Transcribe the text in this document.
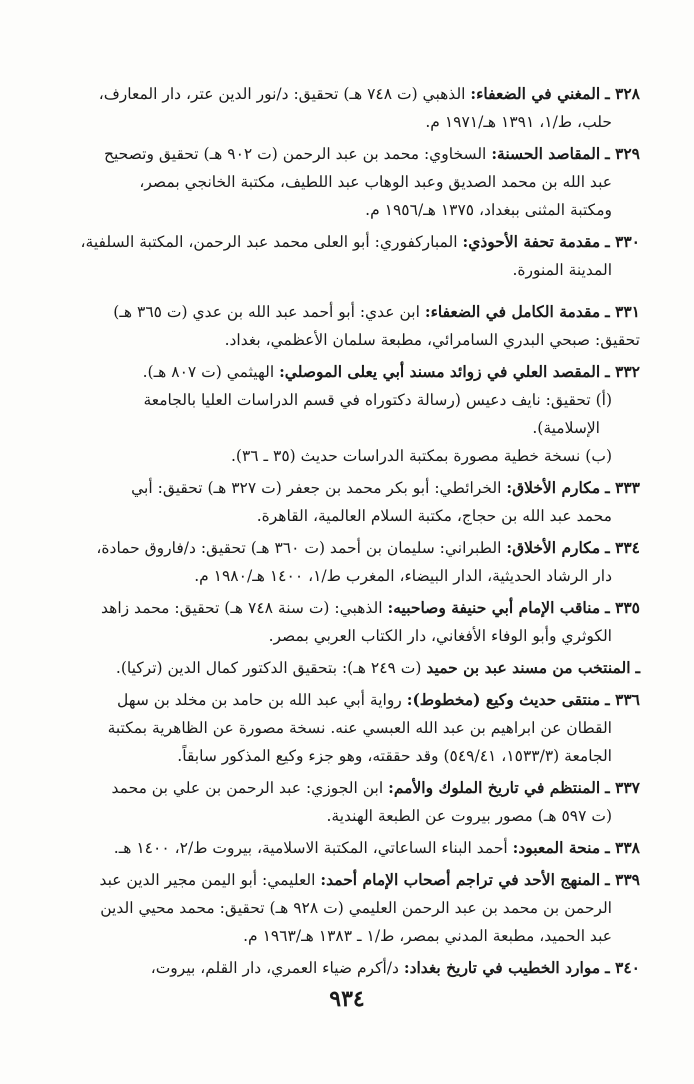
٣٢٨ ـ المغني في الضعفاء: الذهبي (ت ٧٤٨ هـ) تحقيق: د/نور الدين عتر، دار المعارف،
حلب، ط/١، ١٣٩١ هـ/١٩٧١ م.
٣٢٩ ـ المقاصد الحسنة: السخاوي: محمد بن عبد الرحمن (ت ٩٠٢ هـ) تحقيق وتصحيح
عبد الله بن محمد الصديق وعبد الوهاب عبد اللطيف، مكتبة الخانجي بمصر،
ومكتبة المثنى ببغداد، ١٣٧٥ هـ/١٩٥٦ م.
٣٣٠ ـ مقدمة تحفة الأحوذي: المباركفوري: أبو العلى محمد عبد الرحمن، المكتبة السلفية،
المدينة المنورة.
٣٣١ ـ مقدمة الكامل في الضعفاء: ابن عدي: أبو أحمد عبد الله بن عدي (ت ٣٦٥ هـ)
تحقيق: صبحي البدري السامرائي، مطبعة سلمان الأعظمي، بغداد.
٣٣٢ ـ المقصد العلي في زوائد مسند أبي يعلى الموصلي: الهيثمي (ت ٨٠٧ هـ).
(أ) تحقيق: نايف دعيس (رسالة دكتوراه في قسم الدراسات العليا بالجامعة
الإسلامية).
(ب) نسخة خطية مصورة بمكتبة الدراسات حديث (٣٥ ـ ٣٦).
٣٣٣ ـ مكارم الأخلاق: الخرائطي: أبو بكر محمد بن جعفر (ت ٣٢٧ هـ) تحقيق: أبي
محمد عبد الله بن حجاج، مكتبة السلام العالمية، القاهرة.
٣٣٤ ـ مكارم الأخلاق: الطبراني: سليمان بن أحمد (ت ٣٦٠ هـ) تحقيق: د/فاروق حمادة،
دار الرشاد الحديثية، الدار البيضاء، المغرب ط/١، ١٤٠٠ هـ/١٩٨٠ م.
٣٣٥ ـ مناقب الإمام أبي حنيفة وصاحبيه: الذهبي: (ت سنة ٧٤٨ هـ) تحقيق: محمد زاهد
الكوثري وأبو الوفاء الأفغاني، دار الكتاب العربي بمصر.
ـ المنتخب من مسند عبد بن حميد (ت ٢٤٩ هـ): بتحقيق الدكتور كمال الدين (تركيا).
٣٣٦ ـ منتقى حديث وكيع (مخطوط): رواية أبي عبد الله بن حامد بن مخلد بن سهل
القطان عن ابراهيم بن عبد الله العبسي عنه. نسخة مصورة عن الظاهرية بمكتبة
الجامعة (١٥٣٣/٣، ٥٤٩/٤١) وقد حققته، وهو جزء وكيع المذكور سابقاً.
٣٣٧ ـ المنتظم في تاريخ الملوك والأمم: ابن الجوزي: عبد الرحمن بن علي بن محمد
(ت ٥٩٧ هـ) مصور بيروت عن الطبعة الهندية.
٣٣٨ ـ منحة المعبود: أحمد البناء الساعاتي، المكتبة الاسلامية، بيروت ط/٢، ١٤٠٠ هـ.
٣٣٩ ـ المنهج الأحد في تراجم أصحاب الإمام أحمد: العليمي: أبو اليمن مجير الدين عبد
الرحمن بن محمد بن عبد الرحمن العليمي (ت ٩٢٨ هـ) تحقيق: محمد محيي الدين
عبد الحميد، مطبعة المدني بمصر، ط/١ ـ ١٣٨٣ هـ/١٩٦٣ م.
٣٤٠ ـ موارد الخطيب في تاريخ بغداد: د/أكرم ضياء العمري، دار القلم، بيروت،
٩٣٤
